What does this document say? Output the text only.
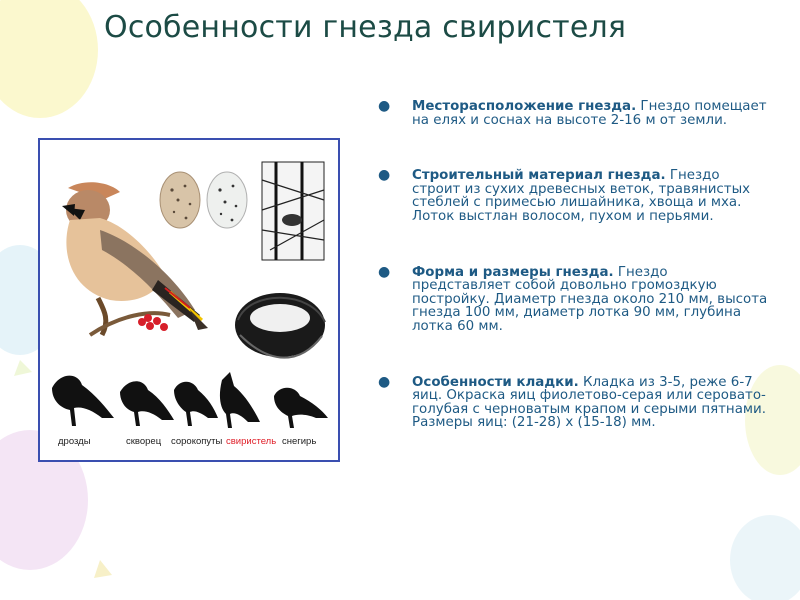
Особенности гнезда свиристеля
дрозды	скворец сорокопуты свиристель снегирь
● Месторасположение гнезда. Гнездо помещает на елях и соснах на высоте 2-16 м от земли.
● Строительный материал гнезда. Гнездо строит из сухих древесных веток, травянистых стеблей с примесью лишайника, хвоща и мха. Лоток выстлан волосом, пухом и перьями.
● Форма и размеры гнезда. Гнездо представляет собой довольно громоздкую постройку. Диаметр гнезда около 210 мм, высота гнезда 100 мм, диаметр лотка 90 мм, глубина лотка 60 мм.
● Особенности кладки. Кладка из 3-5, реже 6-7 яиц. Окраска яиц фиолетово-серая или серовато-голубая с черноватым крапом и серыми пятнами. Размеры яиц: (21-28) х (15-18) мм.
